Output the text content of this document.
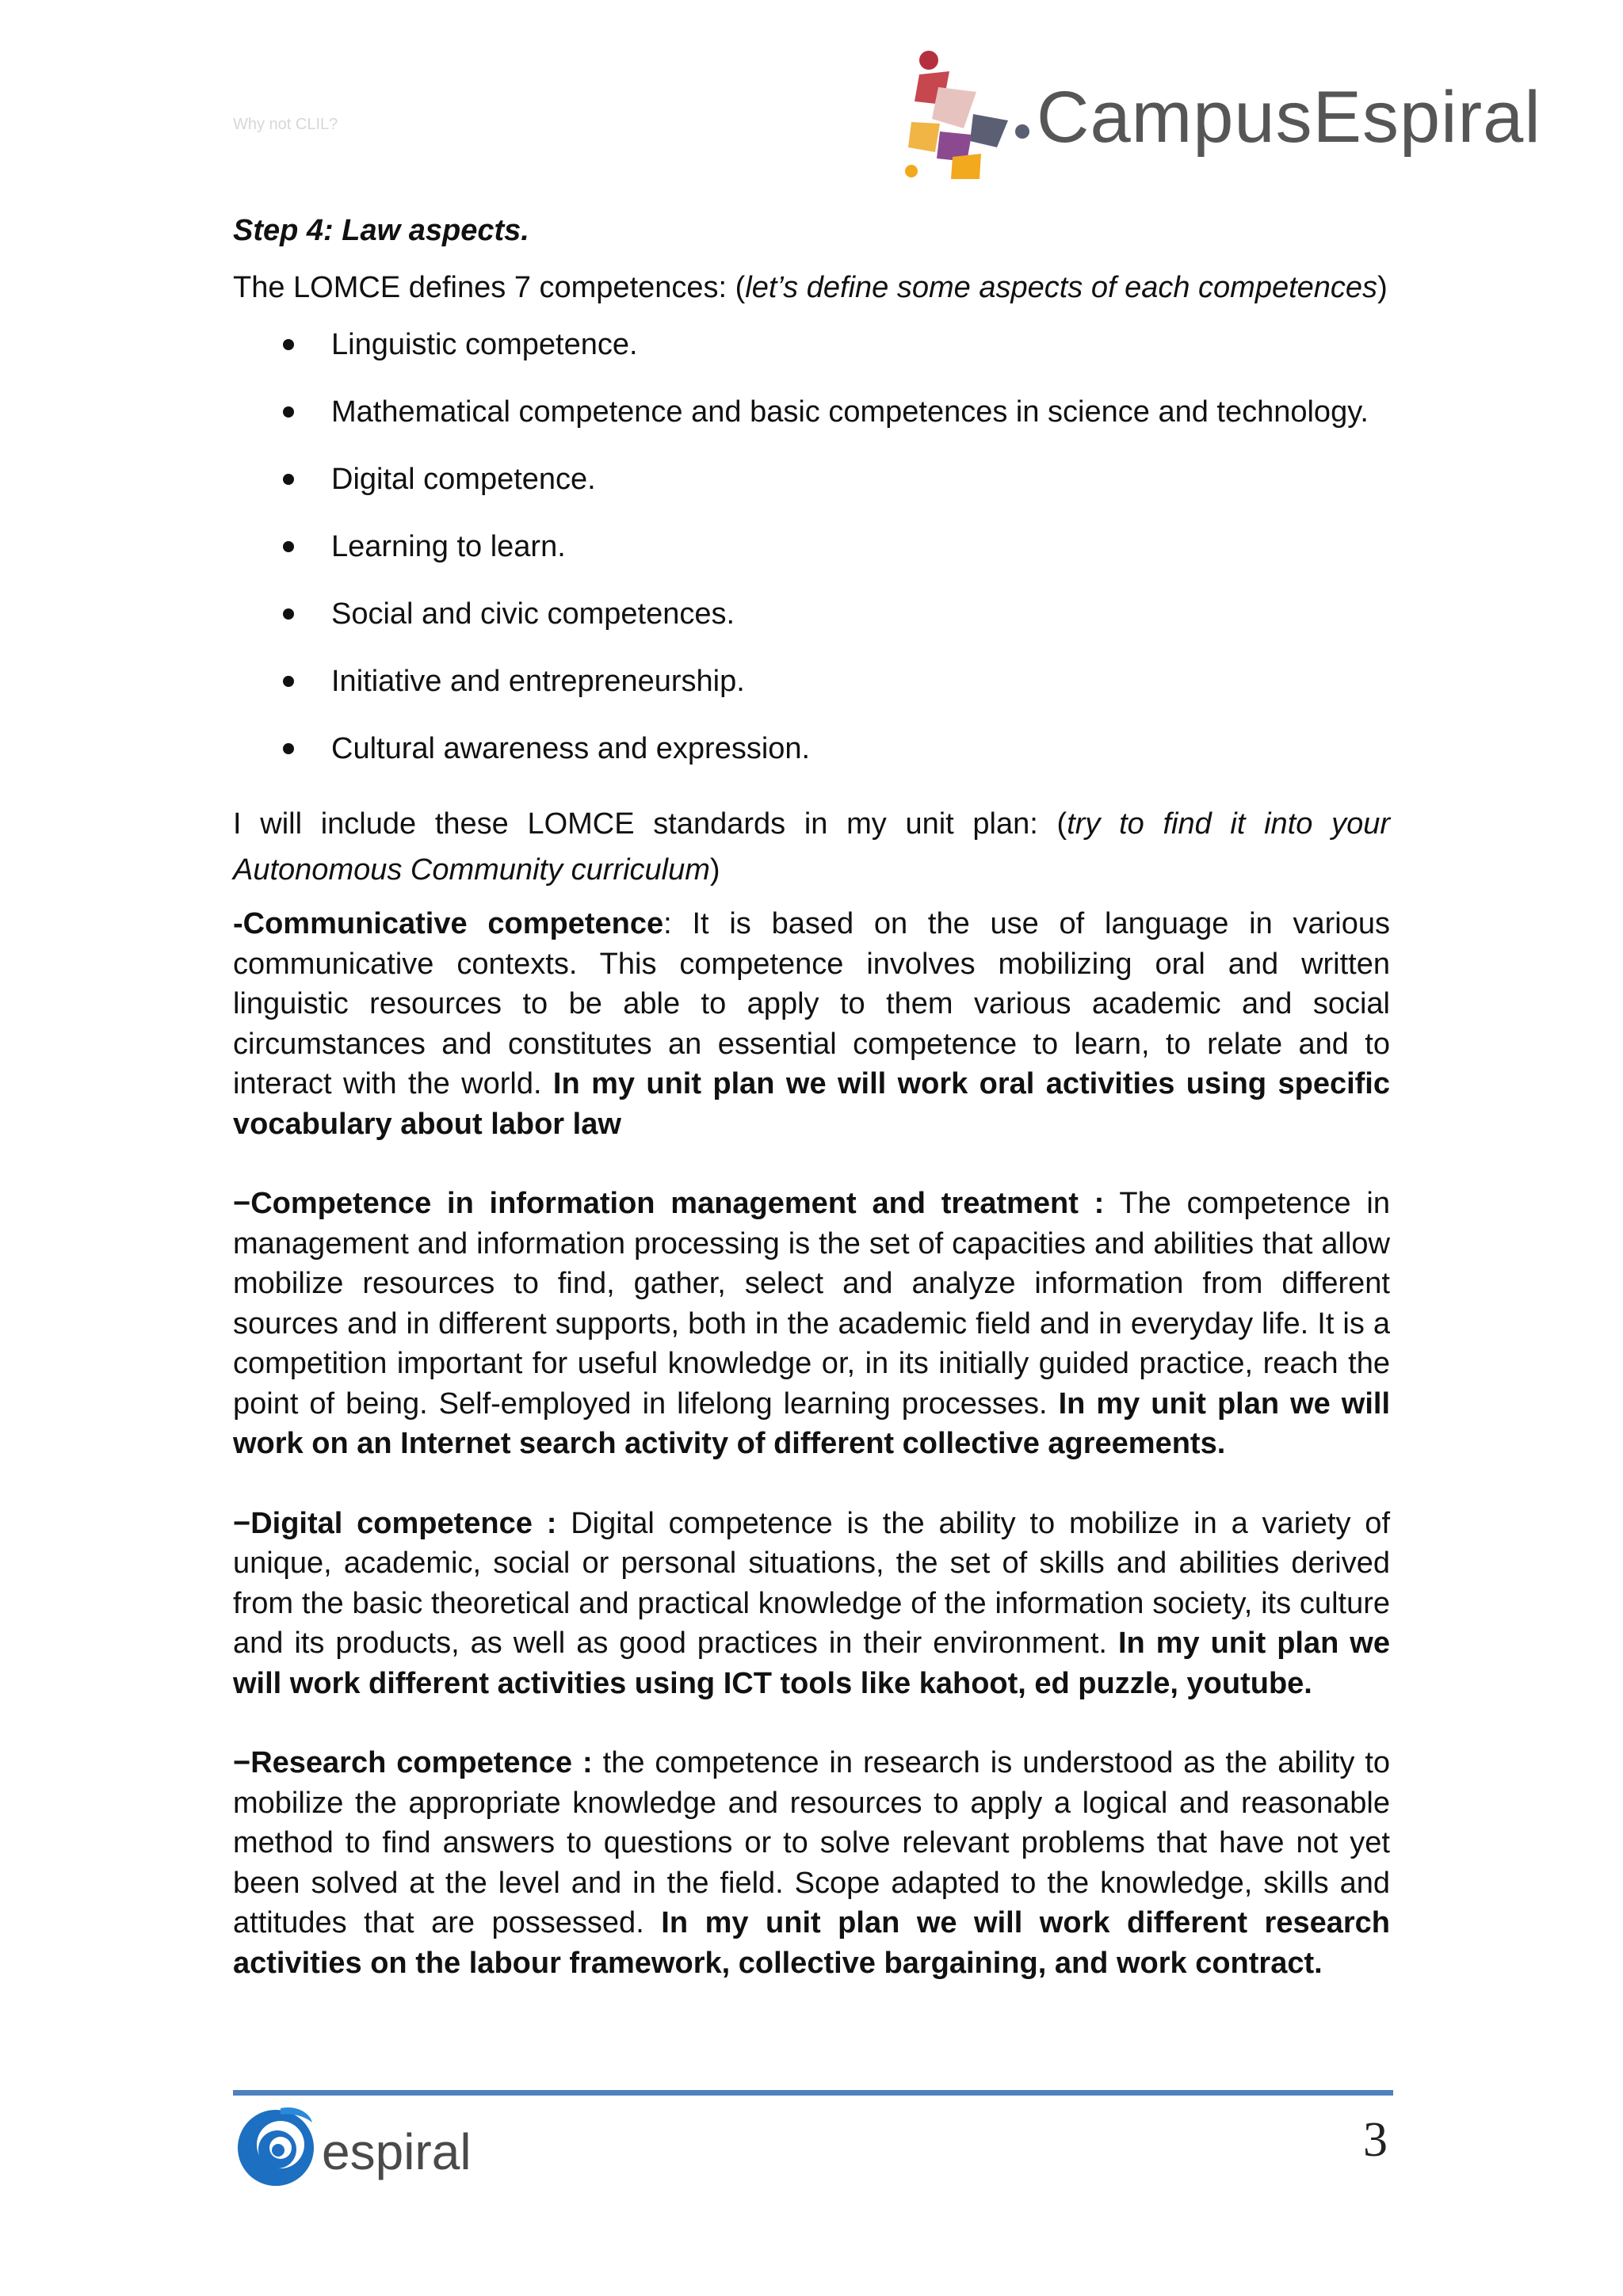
Why not CLIL?	CampusEspiral

Step 4: Law aspects.

The LOMCE defines 7 competences: (let’s define some aspects of each competences)

Linguistic competence.
Mathematical competence and basic competences in science and technology.
Digital competence.
Learning to learn.
Social and civic competences.
Initiative and entrepreneurship.
Cultural awareness and expression.

I will include these LOMCE standards in my unit plan: (try to find it into your Autonomous Community curriculum)

-Communicative competence: It is based on the use of language in various communicative contexts. This competence involves mobilizing oral and written linguistic resources to be able to apply to them various academic and social circumstances and constitutes an essential competence to learn, to relate and to interact with the world. In my unit plan we will work oral activities using specific vocabulary about labor law

−Competence in information management and treatment : The competence in management and information processing is the set of capacities and abilities that allow mobilize resources to find, gather, select and analyze information from different sources and in different supports, both in the academic field and in everyday life. It is a competition important for useful knowledge or, in its initially guided practice, reach the point of being. Self-employed in lifelong learning processes. In my unit plan we will work on an Internet search activity of different collective agreements.

−Digital competence : Digital competence is the ability to mobilize in a variety of unique, academic, social or personal situations, the set of skills and abilities derived from the basic theoretical and practical knowledge of the information society, its culture and its products, as well as good practices in their environment. In my unit plan we will work different activities using ICT tools like kahoot, ed puzzle, youtube.

−Research competence : the competence in research is understood as the ability to mobilize the appropriate knowledge and resources to apply a logical and reasonable method to find answers to questions or to solve relevant problems that have not yet been solved at the level and in the field. Scope adapted to the knowledge, skills and attitudes that are possessed. In my unit plan we will work different research activities on the labour framework, collective bargaining, and work contract.

espiral	3
